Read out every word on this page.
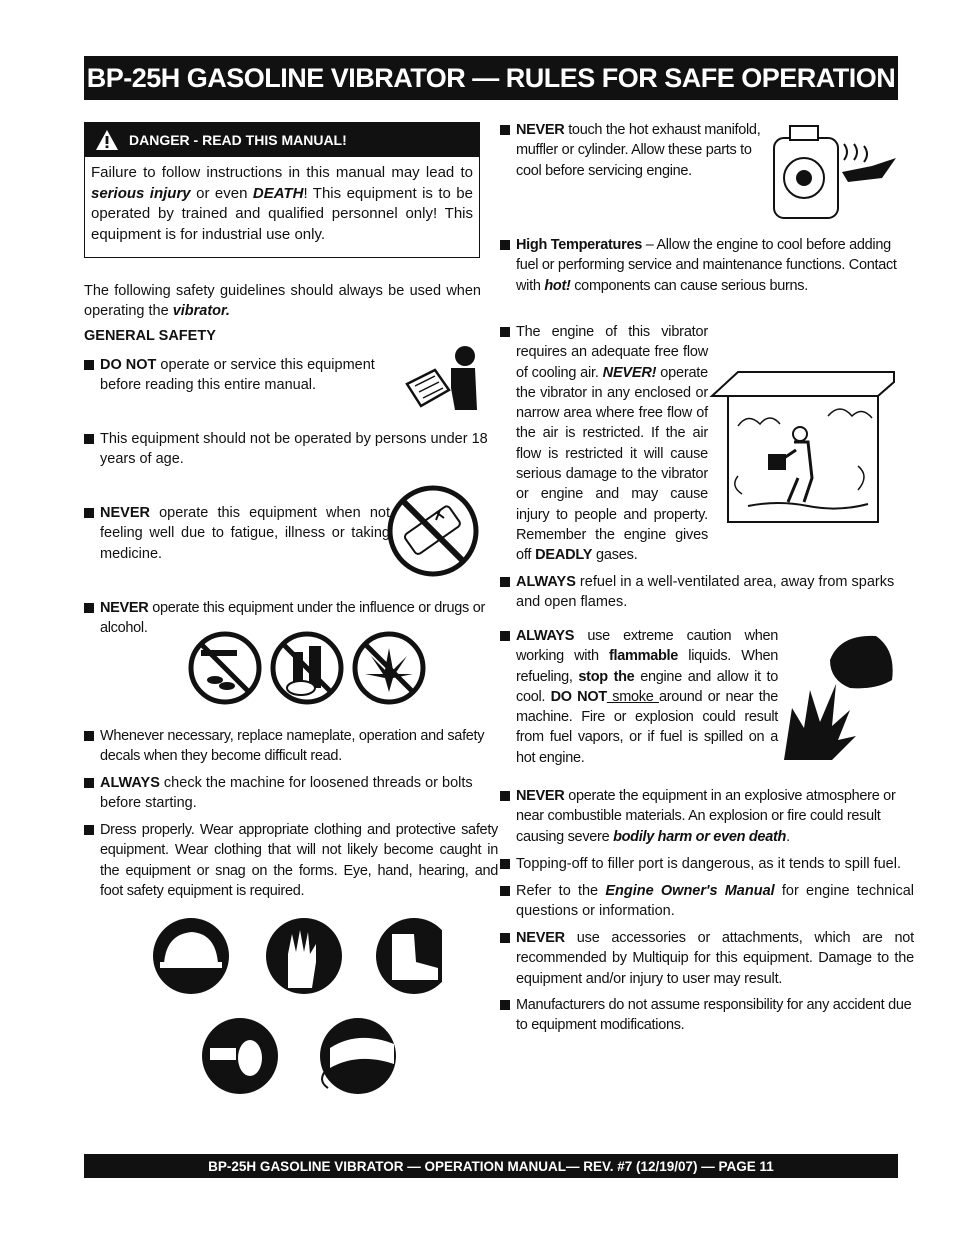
BP-25H GASOLINE VIBRATOR — RULES FOR SAFE OPERATION
DANGER - READ THIS MANUAL!
Failure to follow instructions in this manual may lead to serious injury or even DEATH! This equipment is to be operated by trained and qualified personnel only! This equipment is for industrial use only.
The following safety guidelines should always be used when operating the vibrator.
GENERAL SAFETY
DO NOT operate or service this equipment before reading this entire manual.
This equipment should not be operated by persons under 18 years of age.
NEVER operate this equipment when not feeling well due to fatigue, illness or taking medicine.
NEVER operate this equipment under the influence or drugs or alcohol.
Whenever necessary, replace nameplate, operation and safety decals when they become difficult read.
ALWAYS check the machine for loosened threads or bolts before starting.
Dress properly. Wear appropriate clothing and protective safety equipment. Wear clothing that will not likely become caught in the equipment or snag on the forms. Eye, hand, hearing, and foot safety equipment is required.
NEVER touch the hot exhaust manifold, muffler or cylinder. Allow these parts to cool before servicing engine.
High Temperatures – Allow the engine to cool before adding fuel or performing service and maintenance functions. Contact with hot! components can cause serious burns.
The engine of this vibrator requires an adequate free flow of cooling air. NEVER! operate the vibrator in any enclosed or narrow area where free flow of the air is restricted. If the air flow is restricted it will cause serious damage to the vibrator or engine and may cause injury to people and property. Remember the engine gives off DEADLY gases.
ALWAYS refuel in a well-ventilated area, away from sparks and open flames.
ALWAYS use extreme caution when working with flammable liquids. When refueling, stop the engine and allow it to cool. DO NOT smoke around or near the machine. Fire or explosion could result from fuel vapors, or if fuel is spilled on a hot engine.
NEVER operate the equipment in an explosive atmosphere or near combustible materials. An explosion or fire could result causing severe bodily harm or even death.
Topping-off to filler port is dangerous, as it tends to spill fuel.
Refer to the Engine Owner's Manual for engine technical questions or information.
NEVER use accessories or attachments, which are not recommended by Multiquip for this equipment. Damage to the equipment and/or injury to user may result.
Manufacturers do not assume responsibility for any accident due to equipment modifications.
BP-25H GASOLINE VIBRATOR — OPERATION MANUAL— REV. #7 (12/19/07) — PAGE 11
